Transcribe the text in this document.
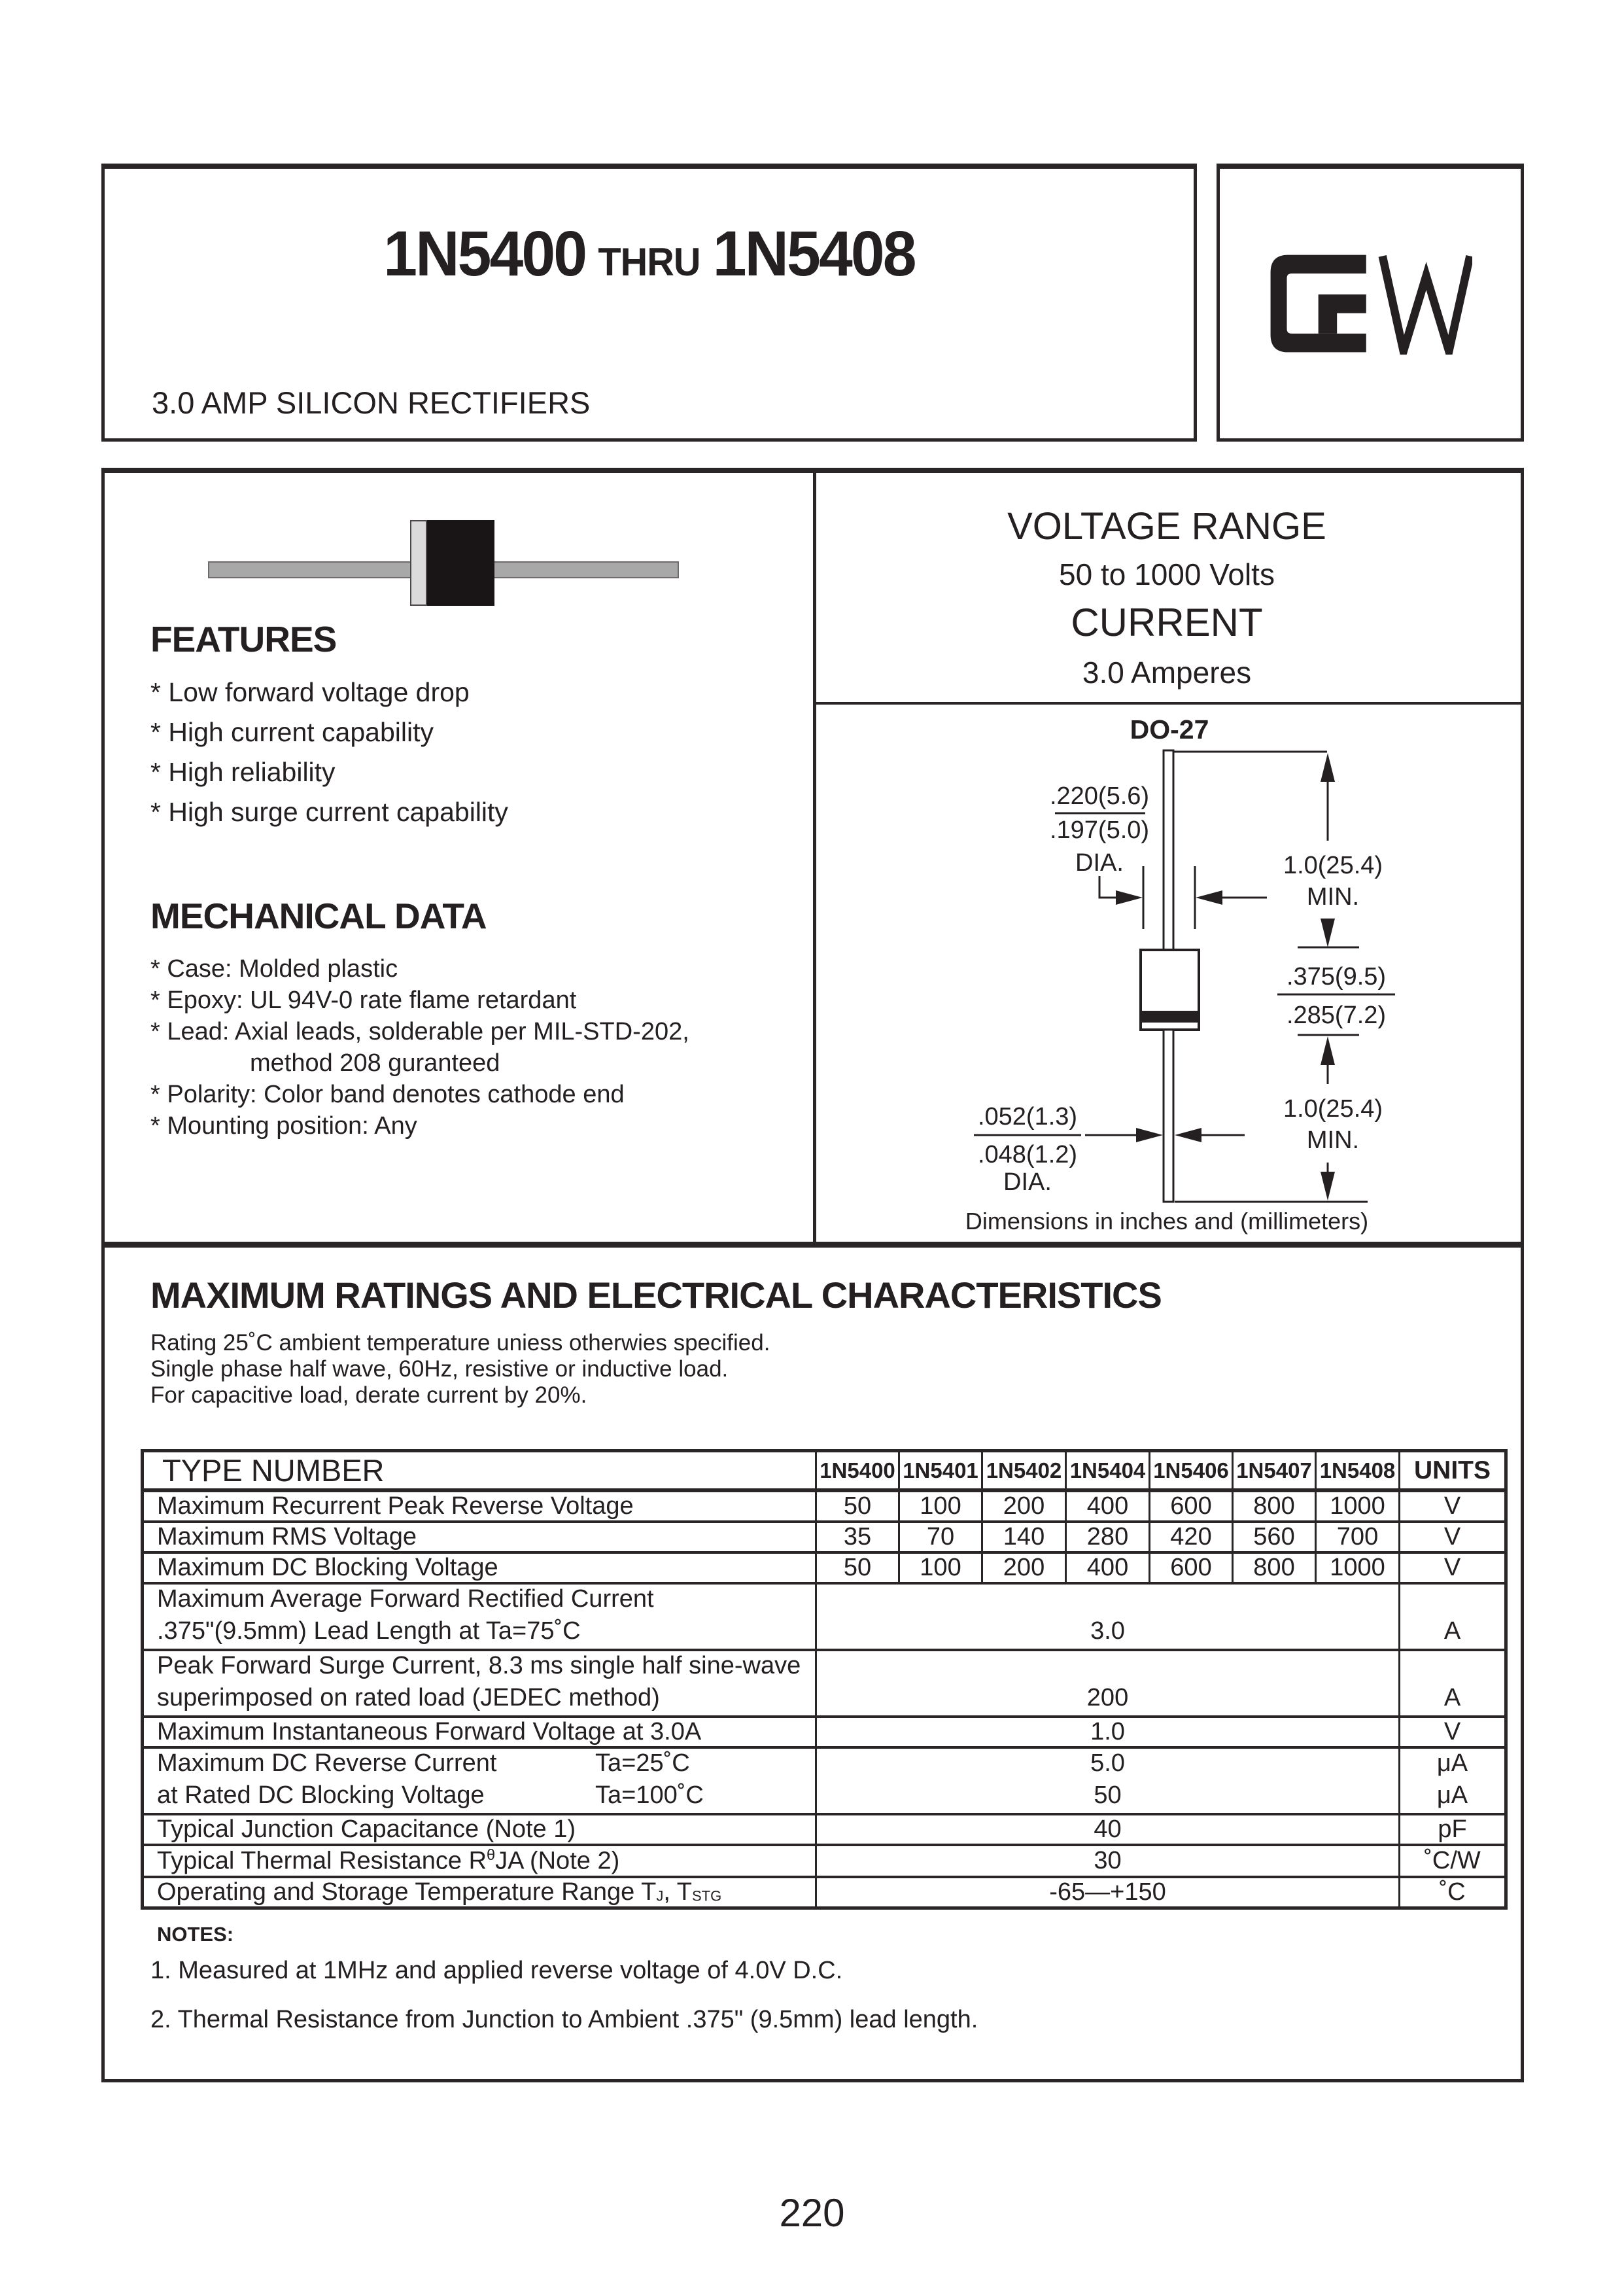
1N5400 THRU 1N5408
3.0 AMP SILICON RECTIFIERS
FEATURES
* Low forward voltage drop
* High current capability
* High reliability
* High surge current capability
MECHANICAL DATA
* Case: Molded plastic
* Epoxy: UL 94V-0 rate flame retardant
* Lead: Axial leads, solderable per MIL-STD-202,
method 208 guranteed
* Polarity: Color band denotes cathode end
* Mounting position: Any
VOLTAGE RANGE
50 to 1000 Volts
CURRENT
3.0 Amperes
DO-27
1.0(25.4)
MIN.
.220(5.6)
.197(5.0)
DIA.
.375(9.5)
.285(7.2)
1.0(25.4)
MIN.
.052(1.3)
.048(1.2)
DIA.
Dimensions in inches and (millimeters)
MAXIMUM RATINGS AND ELECTRICAL CHARACTERISTICS
Rating 25˚C ambient temperature uniess otherwies specified.
Single phase half wave, 60Hz, resistive or inductive load.
For capacitive load, derate current by 20%.
TYPE NUMBER	1N5400	1N5401	1N5402	1N5404	1N5406	1N5407	1N5408	UNITS
Maximum Recurrent Peak Reverse Voltage	50	100	200	400	600	800	1000	V
Maximum RMS Voltage	35	70	140	280	420	560	700	V
Maximum DC Blocking Voltage	50	100	200	400	600	800	1000	V
Maximum Average Forward Rectified Current								
.375"(9.5mm) Lead Length at Ta=75˚C	3.0							A
Peak Forward Surge Current, 8.3 ms single half sine-wave								
superimposed on rated load (JEDEC method)	200							A
Maximum Instantaneous Forward Voltage at 3.0A	1.0							V
Maximum DC Reverse Current Ta=25˚C	5.0							μA
at Rated DC Blocking Voltage Ta=100˚C	50							μA
Typical Junction Capacitance (Note 1)	40							pF
Typical Thermal Resistance $R^\theta JA$ (Note 2)	30							˚C/W
Operating and Storage Temperature Range TJ, TSTG	-65—+150							˚C
NOTES:
1. Measured at 1MHz and applied reverse voltage of 4.0V D.C.
2. Thermal Resistance from Junction to Ambient .375" (9.5mm) lead length.
220
